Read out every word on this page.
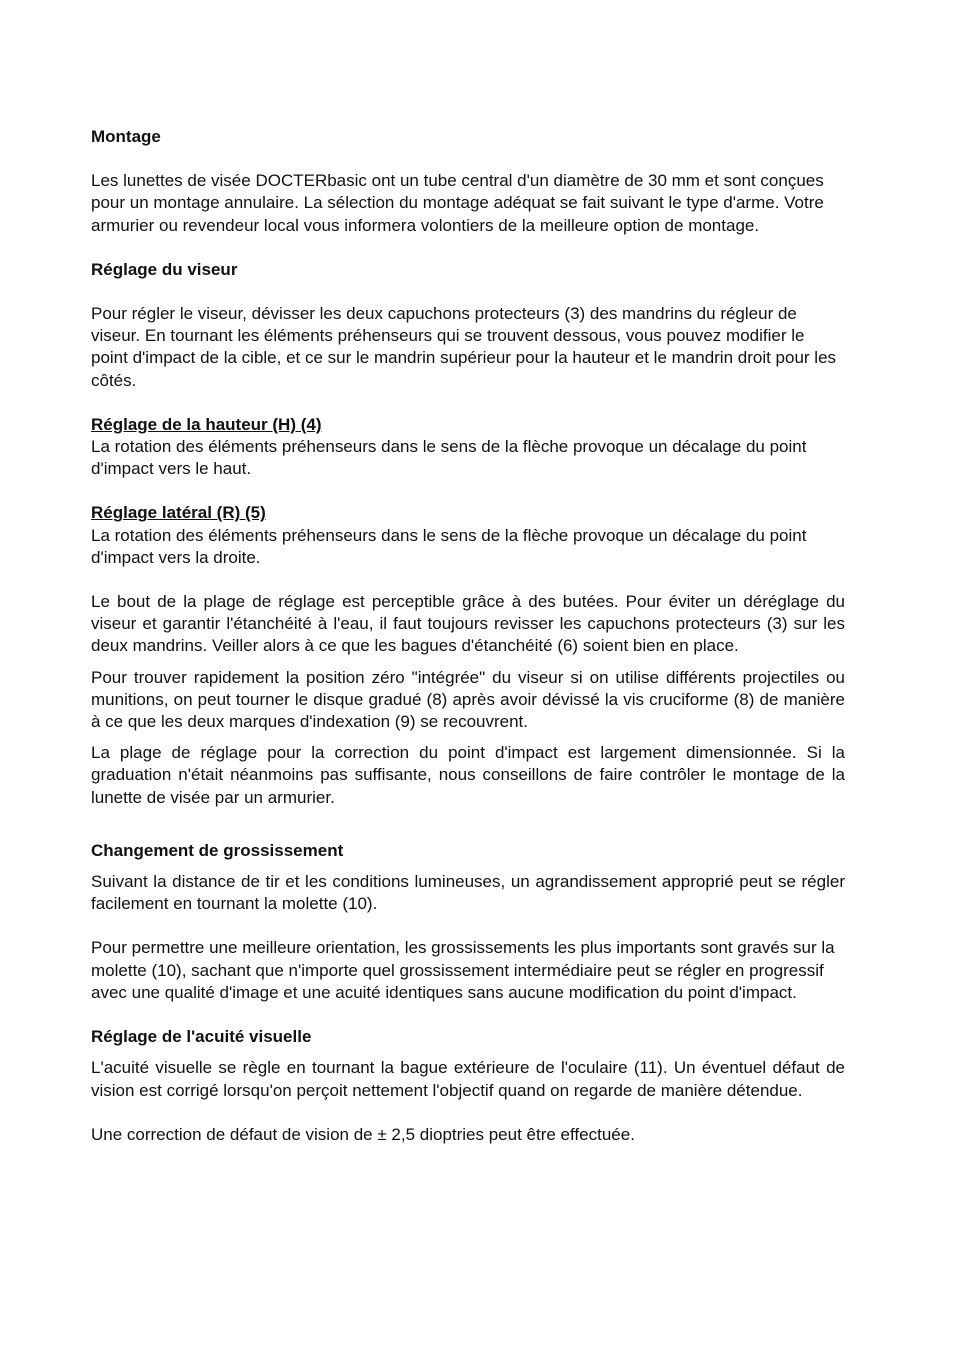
Montage

Les lunettes de visée DOCTERbasic ont un tube central d'un diamètre de 30 mm et sont conçues pour un montage annulaire. La sélection du montage adéquat se fait suivant le type d'arme. Votre armurier ou revendeur local vous informera volontiers de la meilleure option de montage.

Réglage du viseur

Pour régler le viseur, dévisser les deux capuchons protecteurs (3) des mandrins du régleur de viseur. En tournant les éléments préhenseurs qui se trouvent dessous, vous pouvez modifier le point d'impact de la cible, et ce sur le mandrin supérieur pour la hauteur et le mandrin droit pour les côtés.

Réglage de la hauteur (H) (4)

La rotation des éléments préhenseurs dans le sens de la flèche provoque un décalage du point d'impact vers le haut.

Réglage latéral (R) (5)

La rotation des éléments préhenseurs dans le sens de la flèche provoque un décalage du point d'impact vers la droite.

Le bout de la plage de réglage est perceptible grâce à des butées. Pour éviter un déréglage du viseur et garantir l'étanchéité à l'eau, il faut toujours revisser les capuchons protecteurs (3) sur les deux mandrins. Veiller alors à ce que les bagues d'étanchéité (6) soient bien en place.

Pour trouver rapidement la position zéro "intégrée" du viseur si on utilise différents projectiles ou munitions, on peut tourner le disque gradué (8) après avoir dévissé la vis cruciforme (8) de manière à ce que les deux marques d'indexation (9) se recouvrent.

La plage de réglage pour la correction du point d'impact est largement dimensionnée. Si la graduation n'était néanmoins pas suffisante, nous conseillons de faire contrôler le montage de la lunette de visée par un armurier.

Changement de grossissement

Suivant la distance de tir et les conditions lumineuses, un agrandissement approprié peut se régler facilement en tournant la molette (10).

Pour permettre une meilleure orientation, les grossissements les plus importants sont gravés sur la molette (10), sachant que n'importe quel grossissement intermédiaire peut se régler en progressif avec une qualité d'image et une acuité identiques sans aucune modification du point d'impact.

Réglage de l'acuité visuelle

L'acuité visuelle se règle en tournant la bague extérieure de l'oculaire (11). Un éventuel défaut de vision est corrigé lorsqu'on perçoit nettement l'objectif quand on regarde de manière détendue.

Une correction de défaut de vision de ± 2,5 dioptries peut être effectuée.
